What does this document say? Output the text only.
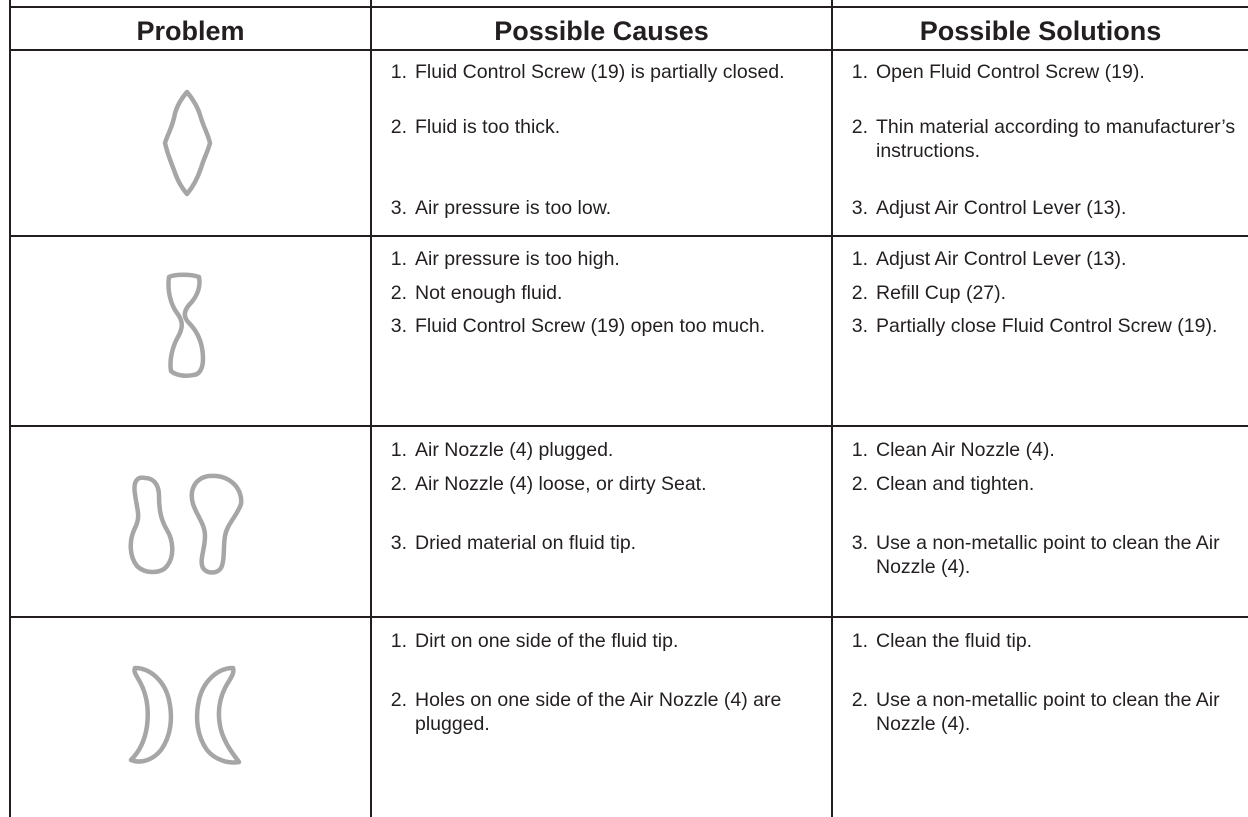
Problem	Possible Causes	Possible Solutions
1. Fluid Control Screw (19) is partially closed.
2. Fluid is too thick.
3. Air pressure is too low.
1. Open Fluid Control Screw (19).
2. Thin material according to manufacturer’s instructions.
3. Adjust Air Control Lever (13).
1. Air pressure is too high.
2. Not enough fluid.
3. Fluid Control Screw (19) open too much.
1. Adjust Air Control Lever (13).
2. Refill Cup (27).
3. Partially close Fluid Control Screw (19).
1. Air Nozzle (4) plugged.
2. Air Nozzle (4) loose, or dirty Seat.
3. Dried material on fluid tip.
1. Clean Air Nozzle (4).
2. Clean and tighten.
3. Use a non-metallic point to clean the Air Nozzle (4).
1. Dirt on one side of the fluid tip.
2. Holes on one side of the Air Nozzle (4) are plugged.
1. Clean the fluid tip.
2. Use a non-metallic point to clean the Air Nozzle (4).
